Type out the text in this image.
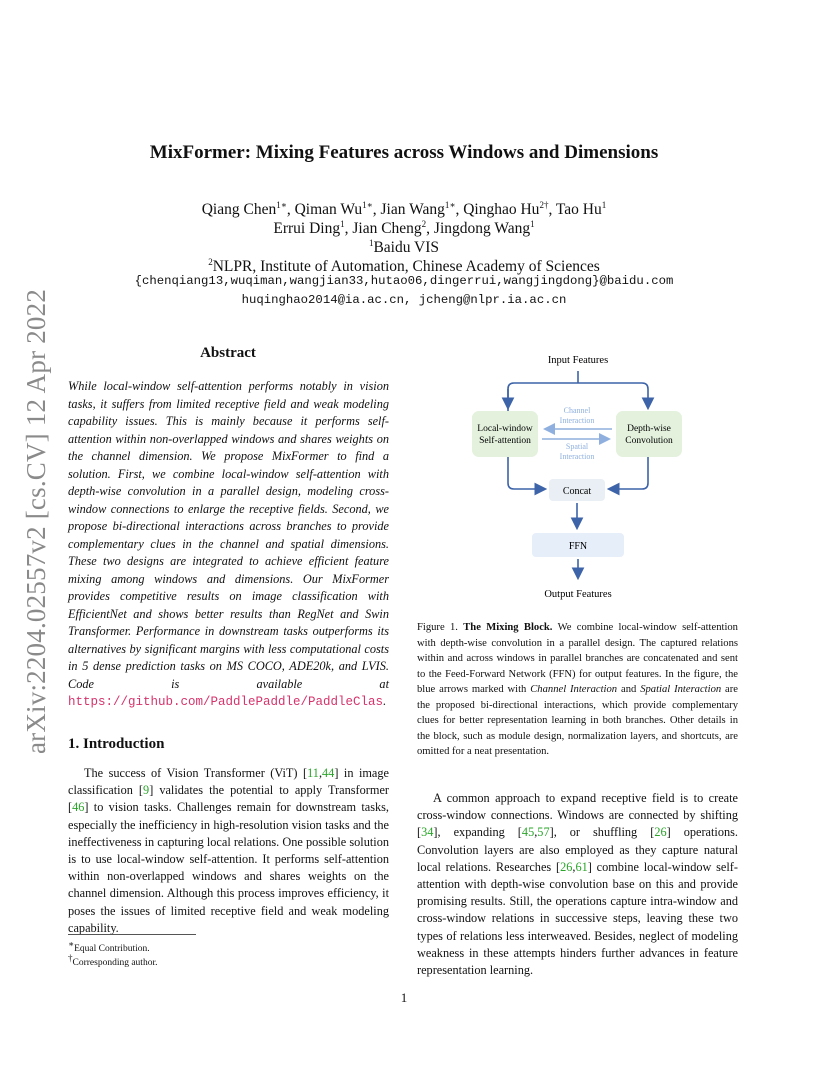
arXiv:2204.02557v2 [cs.CV] 12 Apr 2022
MixFormer: Mixing Features across Windows and Dimensions
Qiang Chen$^{1∗}$, Qiman $Wu^{1∗}$, Jian Wang$^{1∗}$, Qinghao $Hu^{2\dagger}$, Tao Hu$^1$
Errui Ding$^1$, Jian Cheng$^2$, Jingdong Wang$^1$
$^1$Baidu VIS
$^2$NLPR, Institute of Automation, Chinese Academy of Sciences
{chenqiang13,wuqiman,wangjian33,hutao06,dingerrui,wangjingdong}@baidu.com
huqinghao2014@ia.ac.cn, jcheng@nlpr.ia.ac.cn
Abstract
While local-window self-attention performs notably in vision tasks, it suffers from limited receptive field and weak modeling capability issues. This is mainly because it performs self-attention within non-overlapped windows and shares weights on the channel dimension. We propose MixFormer to find a solution. First, we combine local-window self-attention with depth-wise convolution in a parallel design, modeling cross-window connections to enlarge the receptive fields. Second, we propose bi-directional interactions across branches to provide complementary clues in the channel and spatial dimensions. These two designs are integrated to achieve efficient feature mixing among windows and dimensions. Our MixFormer provides competitive results on image classification with EfficientNet and shows better results than RegNet and Swin Transformer. Performance in downstream tasks outperforms its alternatives by significant margins with less computational costs in 5 dense prediction tasks on MS COCO, ADE20k, and LVIS. Code is available at https://github.com/PaddlePaddle/PaddleClas.
1. Introduction
The success of Vision Transformer (ViT) [11,44] in image classification [9] validates the potential to apply Transformer [46] to vision tasks. Challenges remain for downstream tasks, especially the inefficiency in high-resolution vision tasks and the ineffectiveness in capturing local relations. One possible solution is to use local-window self-attention. It performs self-attention within non-overlapped windows and shares weights on the channel dimension. Although this process improves efficiency, it poses the issues of limited receptive field and weak modeling capability.
∗Equal Contribution.
†Corresponding author.
Input Features
Local-window
Self-attention
Depth-wise
Convolution
Channel
Interaction
Spatial
Interaction
Concat
FFN
Output Features
Figure 1. The Mixing Block. We combine local-window self-attention with depth-wise convolution in a parallel design. The captured relations within and across windows in parallel branches are concatenated and sent to the Feed-Forward Network (FFN) for output features. In the figure, the blue arrows marked with Channel Interaction and Spatial Interaction are the proposed bi-directional interactions, which provide complementary clues for better representation learning in both branches. Other details in the block, such as module design, normalization layers, and shortcuts, are omitted for a neat presentation.
A common approach to expand receptive field is to create cross-window connections. Windows are connected by shifting [34], expanding [45,57], or shuffling [26] operations. Convolution layers are also employed as they capture natural local relations. Researches [26,61] combine local-window self-attention with depth-wise convolution base on this and provide promising results. Still, the operations capture intra-window and cross-window relations in successive steps, leaving these two types of relations less interweaved. Besides, neglect of modeling weakness in these attempts hinders further advances in feature representation learning.
1
